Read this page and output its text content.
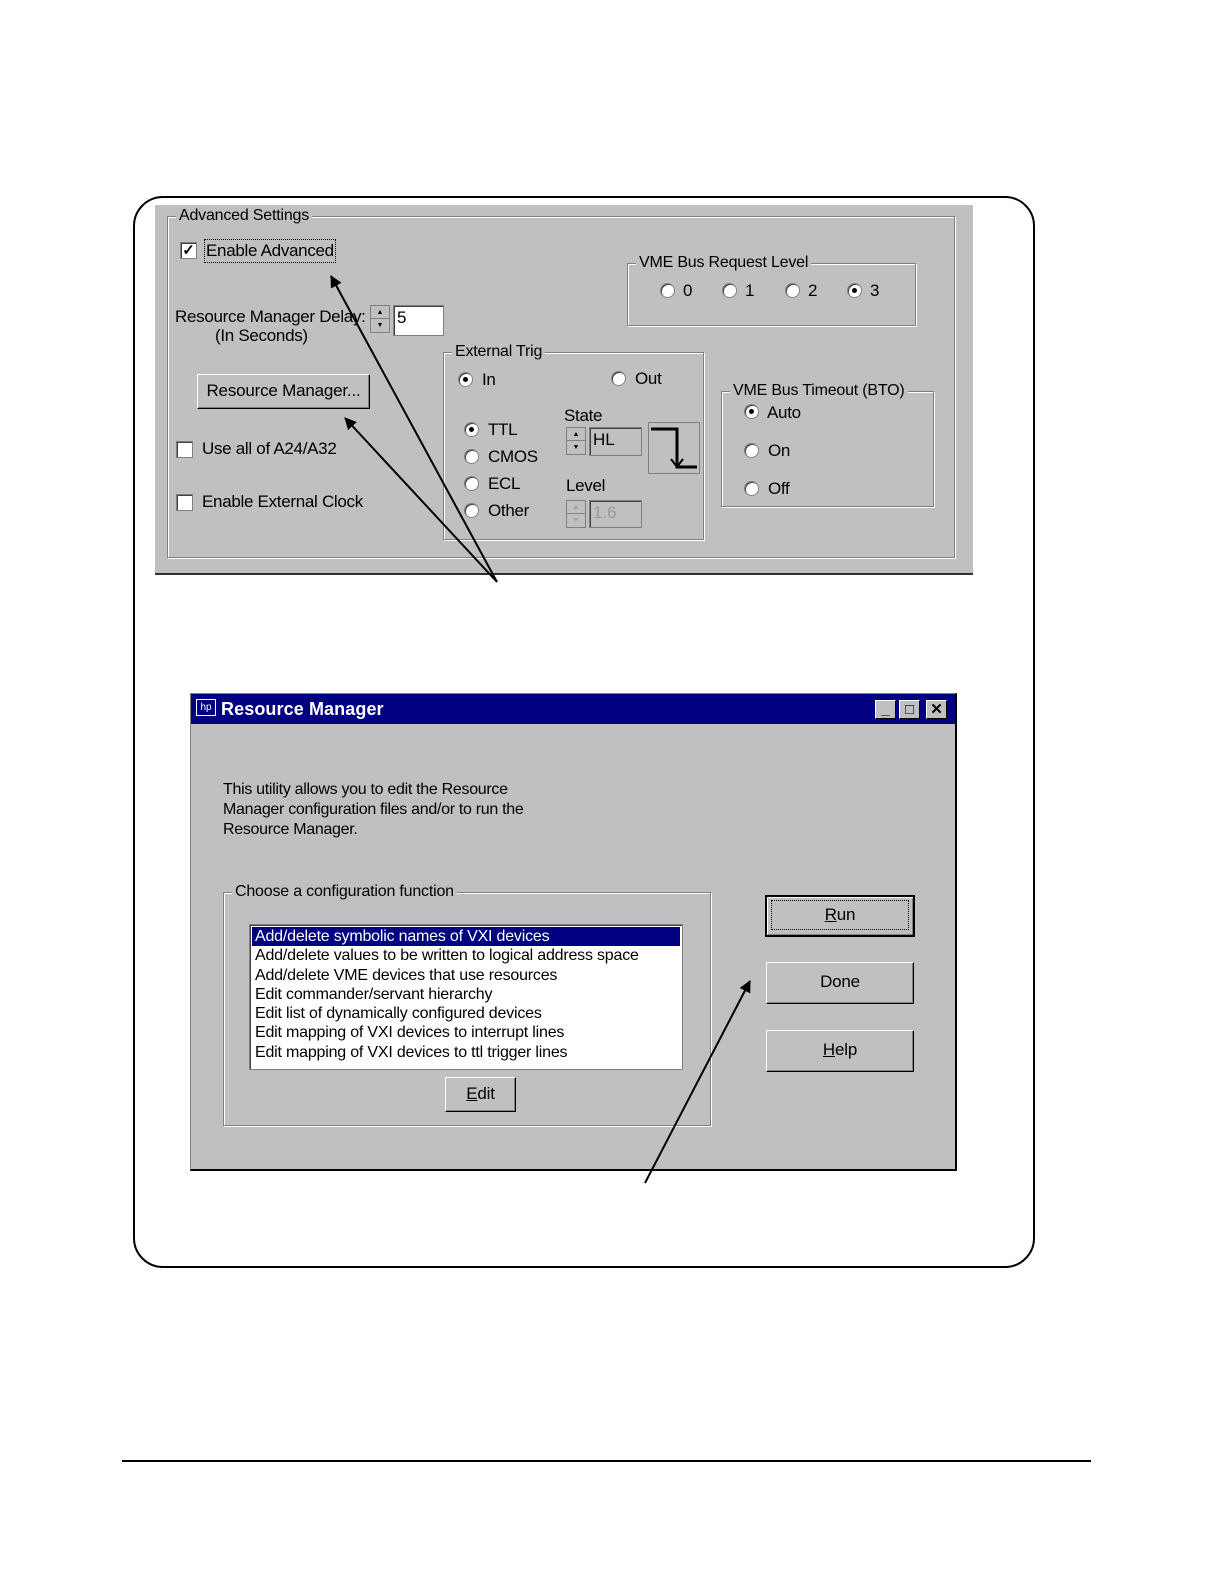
Advanced Settings
✓ Enable Advanced
Resource Manager Delay:
(In Seconds)
▲
▼ 5
Resource Manager...
Use all of A24/A32
Enable External Clock
VME Bus Request Level
0	1	2	3
External Trig
In	Out
TTL
CMOS
ECL
Other
State
▲
▼ HL
Level
▲
▼ 1.6
VME Bus Timeout (BTO)
Auto
On
Off
hp Resource Manager	_	□	✕
This utility allows you to edit the Resource Manager configuration files and/or to run the Resource Manager.
Choose a configuration function
Add/delete symbolic names of VXI devices
Add/delete values to be written to logical address space
Add/delete VME devices that use resources
Edit commander/servant hierarchy
Edit list of dynamically configured devices
Edit mapping of VXI devices to interrupt lines
Edit mapping of VXI devices to ttl trigger lines
Edit
Run
Done
Help
